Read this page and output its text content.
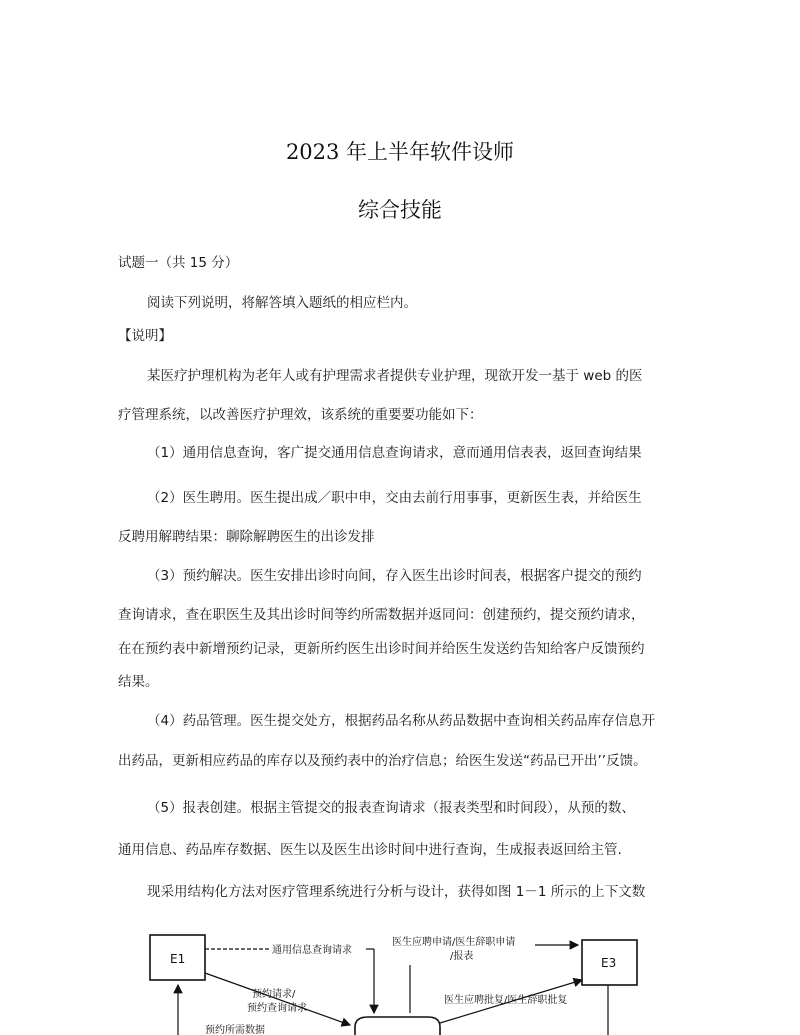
2023 年上半年软件设师
综合技能
试题一（共 15 分）
阅读下列说明，将解答填入题纸的相应栏内。
【说明】
某医疗护理机构为老年人或有护理需求者提供专业护理，现欲开发一基于 web 的医
疗管理系统，以改善医疗护理效，该系统的重要要功能如下：
（1）通用信息查询，客广提交通用信息查询请求，意而通用信表表，返回查询结果
（2）医生聘用。医生提出成／职中申，交由去前行用事事，更新医生表，并给医生
反聘用解聘结果：聊除解聘医生的出诊发排
（3）预约解决。医生安排出诊时向间，存入医生出诊时间表，根据客户提交的预约
查询请求，查在职医生及其出诊时间等约所需数据并返同问：创建预约，提交预约请求，
在在预约表中新增预约记录，更新所约医生出诊时间并给医生发送约告知给客户反馈预约
结果。
（4）药品管理。医生提交处方，根据药品名称从药品数据中查询相关药品库存信息开
出药品，更新相应药品的库存以及预约表中的治疗信息；给医生发送“药品已开出’’反馈。
（5）报表创建。根据主管提交的报表查询请求（报表类型和时间段），从预的数、
通用信息、药品库存数据、医生以及医生出诊时间中进行查询，生成报表返回给主管.
现采用结构化方法对医疗管理系统进行分析与设计，获得如图 1－1 所示的上下文数
E1	E3
通用信息查询请求
预约请求/
预约查询请求
预约所需数据
医生应聘申请/医生辞职申请
/报表
医生应聘批复/医生辞职批复
